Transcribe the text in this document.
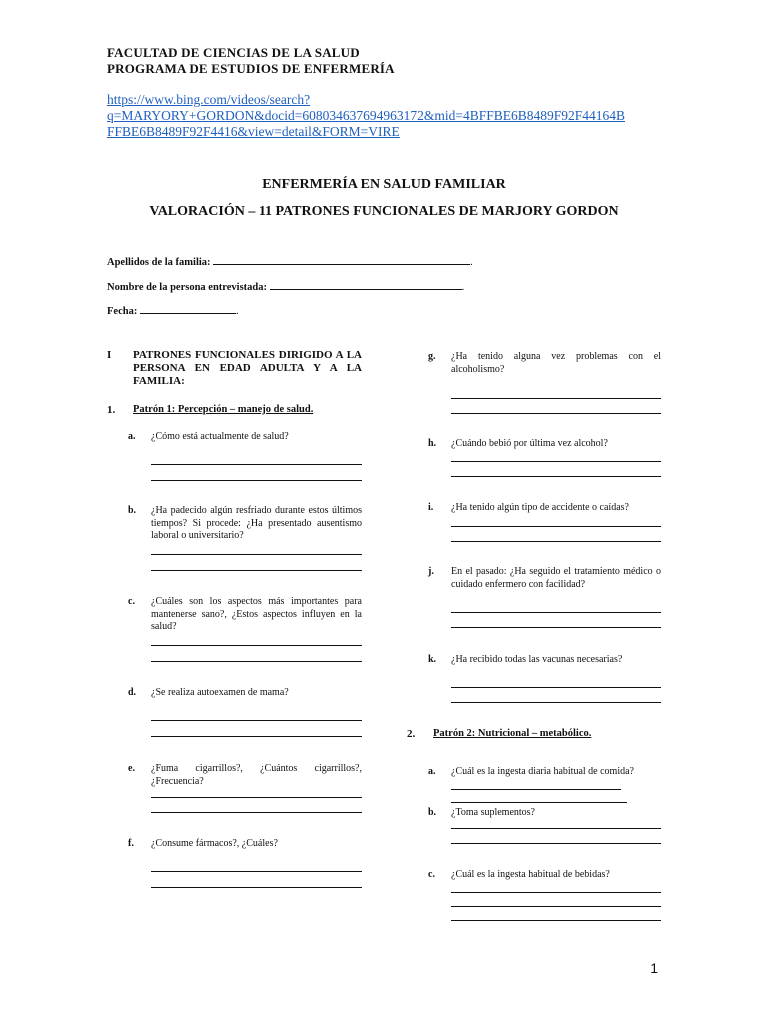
FACULTAD DE CIENCIAS DE LA SALUD
PROGRAMA DE ESTUDIOS DE ENFERMERÍA
https://www.bing.com/videos/search?
q=MARYORY+GORDON&docid=608034637694963172&mid=4BFFBE6B8489F92F44164B
FFBE6B8489F92F4416&view=detail&FORM=VIRE
ENFERMERÍA EN SALUD FAMILIAR
VALORACIÓN – 11 PATRONES FUNCIONALES DE MARJORY GORDON
Apellidos de la familia:	.
Nombre de la persona entrevistada:	.
Fecha:	.
I PATRONES FUNCIONALES DIRIGIDO A LA PERSONA EN EDAD ADULTA Y A LA FAMILIA:
1. Patrón 1: Percepción – manejo de salud.
a. ¿Cómo está actualmente de salud?
b. ¿Ha padecido algún resfriado durante estos últimos tiempos? Si procede: ¿Ha presentado ausentismo laboral o universitario?
c. ¿Cuáles son los aspectos más importantes para mantenerse sano?, ¿Estos aspectos influyen en la salud?
d. ¿Se realiza autoexamen de mama?
e. ¿Fuma cigarrillos?, ¿Cuántos cigarrillos?, ¿Frecuencia?
f. ¿Consume fármacos?, ¿Cuáles?
g. ¿Ha tenido alguna vez problemas con el alcoholismo?
h. ¿Cuándo bebió por última vez alcohol?
i. ¿Ha tenido algún tipo de accidente o caídas?
j. En el pasado: ¿Ha seguido el tratamiento médico o cuidado enfermero con facilidad?
k. ¿Ha recibido todas las vacunas necesarias?
2. Patrón 2: Nutricional – metabólico.
a. ¿Cuál es la ingesta diaria habitual de comida?
b. ¿Toma suplementos?
c. ¿Cuál es la ingesta habitual de bebidas?
1
